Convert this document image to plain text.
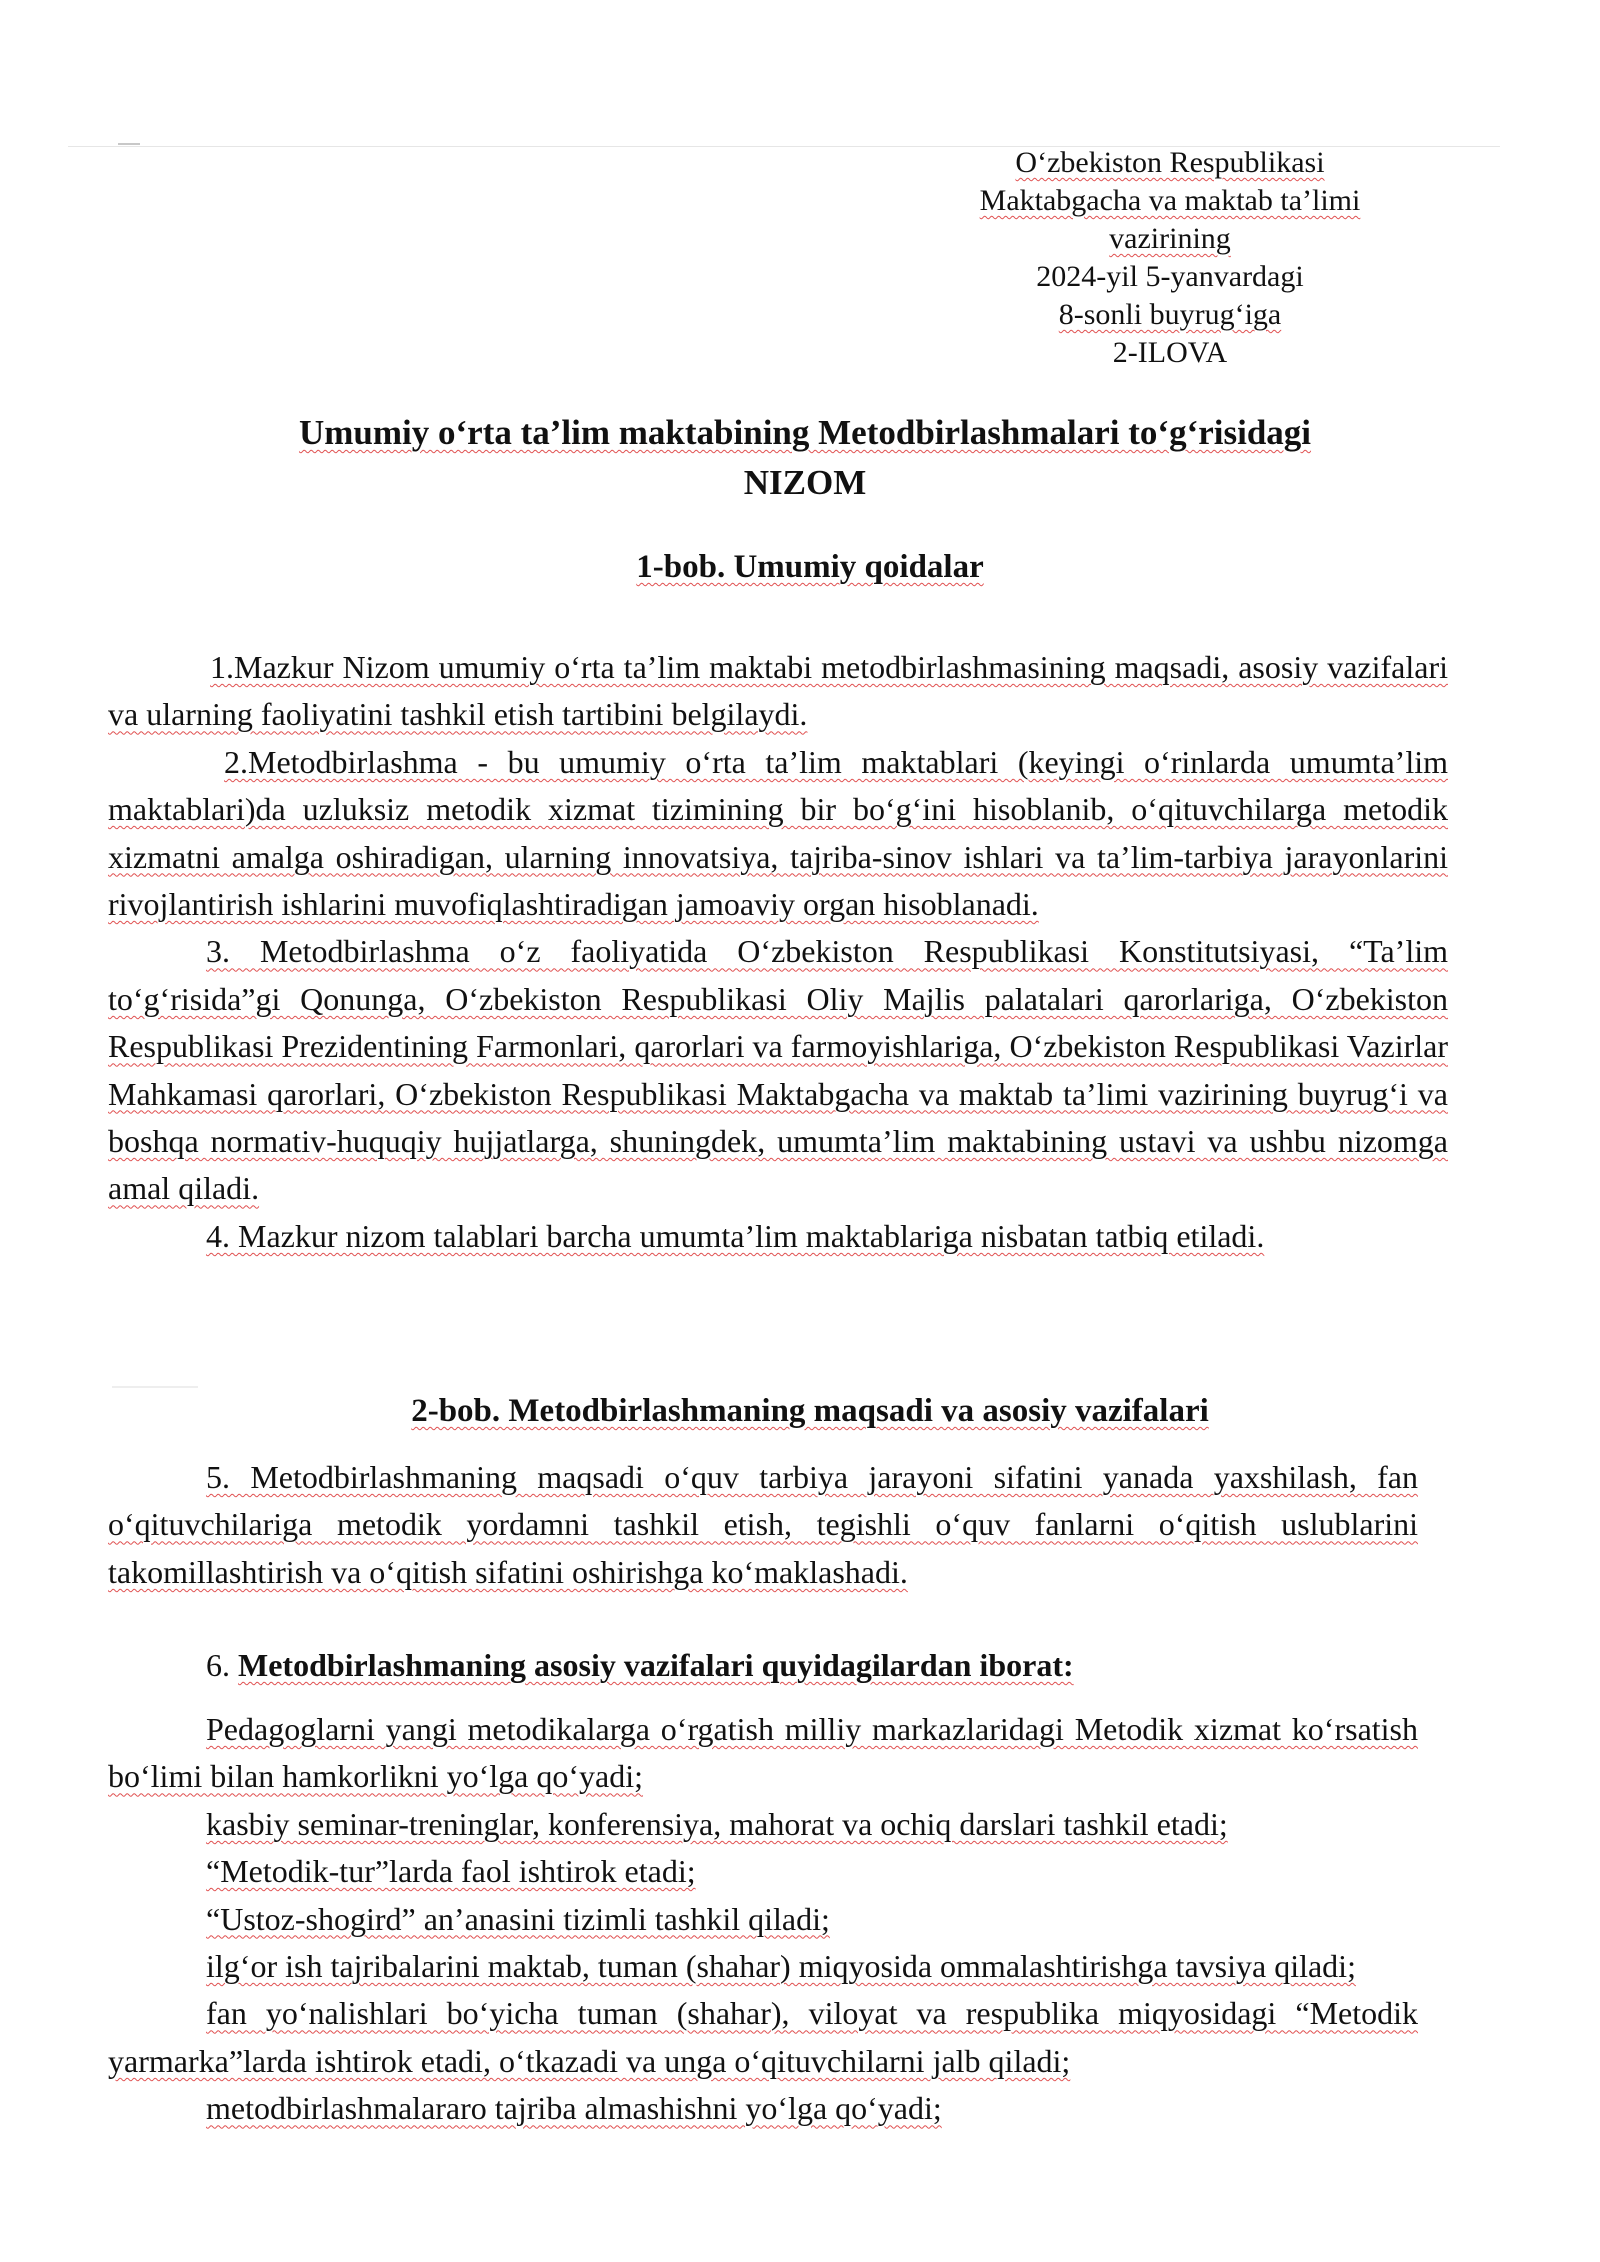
O‘zbekiston Respublikasi
Maktabgacha va maktab ta’limi
vazirining
2024-yil 5-yanvardagi
8-sonli buyrug‘iga
2-ILOVA
Umumiy o‘rta ta’lim maktabining Metodbirlashmalari to‘g‘risidagi
NIZOM
1-bob. Umumiy qoidalar

1.Mazkur Nizom umumiy o‘rta ta’lim maktabi metodbirlashmasining maqsadi, asosiy vazifalari va ularning faoliyatini tashkil etish tartibini belgilaydi.

2.Metodbirlashma - bu umumiy o‘rta ta’lim maktablari (keyingi o‘rinlarda umumta’lim maktablari)da uzluksiz metodik xizmat tizimining bir bo‘g‘ini hisoblanib, o‘qituvchilarga metodik xizmatni amalga oshiradigan, ularning innovatsiya, tajriba-sinov ishlari va ta’lim-tarbiya jarayonlarini rivojlantirish ishlarini muvofiqlashtiradigan jamoaviy organ hisoblanadi.

3. Metodbirlashma o‘z faoliyatida O‘zbekiston Respublikasi Konstitutsiyasi, “Ta’lim to‘g‘risida”gi Qonunga, O‘zbekiston Respublikasi Oliy Majlis palatalari qarorlariga, O‘zbekiston Respublikasi Prezidentining Farmonlari, qarorlari va farmoyishlariga, O‘zbekiston Respublikasi Vazirlar Mahkamasi qarorlari, O‘zbekiston Respublikasi Maktabgacha va maktab ta’limi vazirining buyrug‘i va boshqa normativ-huquqiy hujjatlarga, shuningdek, umumta’lim maktabining ustavi va ushbu nizomga amal qiladi.

4. Mazkur nizom talablari barcha umumta’lim maktablariga nisbatan tatbiq etiladi.

2-bob. Metodbirlashmaning maqsadi va asosiy vazifalari

5. Metodbirlashmaning maqsadi o‘quv tarbiya jarayoni sifatini yanada yaxshilash, fan o‘qituvchilariga metodik yordamni tashkil etish, tegishli o‘quv fanlarni o‘qitish uslublarini takomillashtirish va o‘qitish sifatini oshirishga ko‘maklashadi.

6. Metodbirlashmaning asosiy vazifalari quyidagilardan iborat:

Pedagoglarni yangi metodikalarga o‘rgatish milliy markazlaridagi Metodik xizmat ko‘rsatish bo‘limi bilan hamkorlikni yo‘lga qo‘yadi;

kasbiy seminar-treninglar, konferensiya, mahorat va ochiq darslari tashkil etadi;

“Metodik-tur”larda faol ishtirok etadi;

“Ustoz-shogird” an’anasini tizimli tashkil qiladi;

ilg‘or ish tajribalarini maktab, tuman (shahar) miqyosida ommalashtirishga tavsiya qiladi;

fan yo‘nalishlari bo‘yicha tuman (shahar), viloyat va respublika miqyosidagi “Metodik yarmarka”larda ishtirok etadi, o‘tkazadi va unga o‘qituvchilarni jalb qiladi;

metodbirlashmalararo tajriba almashishni yo‘lga qo‘yadi;
